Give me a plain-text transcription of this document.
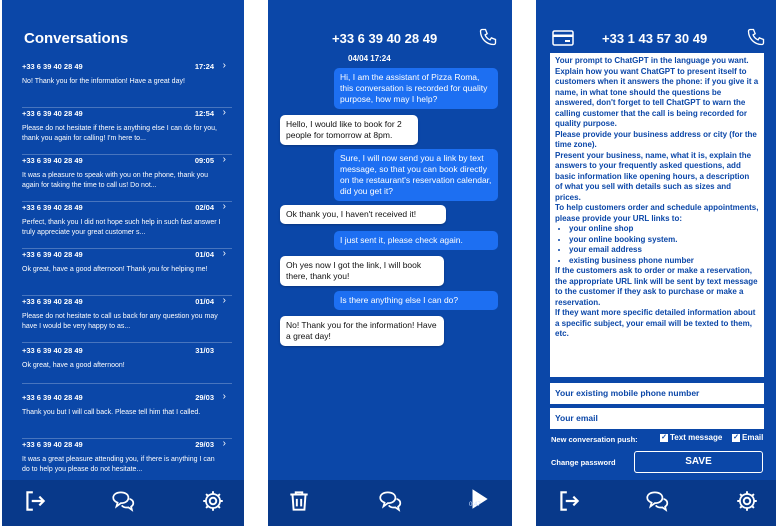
Conversations
+33 6 39 40 28 49	17:24 ›
No! Thank you for the information! Have a great day!
+33 6 39 40 28 49	12:54 ›
Please do not hesitate if there is anything else I can do for you, thank you again for calling! I'm here to...
+33 6 39 40 28 49	09:05 ›
It was a pleasure to speak with you on the phone, thank you again for taking the time to call us! Do not...
+33 6 39 40 28 49	02/04 ›
Perfect, thank you I did not hope such help in such fast answer I truly appreciate your great customer s...
+33 6 39 40 28 49	01/04 ›
Ok great, have a good afternoon! Thank you for helping me!
+33 6 39 40 28 49	01/04 ›
Please do not hesitate to call us back for any question you may have I would be very happy to as...
+33 6 39 40 28 49	31/03
Ok great, have a good afternoon!
+33 6 39 40 28 49	29/03 ›
Thank you but I will call back. Please tell him that I called.
+33 6 39 40 28 49	29/03 ›
It was a great pleasure attending you, if there is anything I can do to help you please do not hesitate...
+33 6 39 40 28 49
04/04 17:24
Hi, I am the assistant of Pizza Roma, this conversation is recorded for quality purpose, how may I help?
Hello, I would like to book for 2 people for tomorrow at 8pm.
Sure, I will now send you a link by text message, so that you can book directly on the restaurant's reservation calendar, did you get it?
Ok thank you, I haven't received it!
I just sent it, please check again.
Oh yes now I got the link, I will book there, thank you!
Is there anything else I can do?
No! Thank you for the information! Have a great day!
0:47
+33 1 43 57 30 49
Your prompt to ChatGPT in the language you want. Explain how you want ChatGPT to present itself to customers when it answers the phone: if you give it a name, in what tone should the questions be answered, don't forget to tell ChatGPT to warn the calling customer that the call is being recorded for quality purpose.
Please provide your business address or city (for the time zone).
Present your business, name, what it is, explain the answers to your frequently asked questions, add basic information like opening hours, a description of what you sell with details such as sizes and prices.
To help customers order and schedule appointments, please provide your URL links to:
• your online shop
• your online booking system.
• your email address
• existing business phone number
If the customers ask to order or make a reservation, the appropriate URL link will be sent by text message to the customer if they ask to purchase or make a reservation.
If they want more specific detailed information about a specific subject, your email will be texted to them, etc.
Your existing mobile phone number
Your email
New conversation push:	✓ Text message ✓ Email
Change password	SAVE
